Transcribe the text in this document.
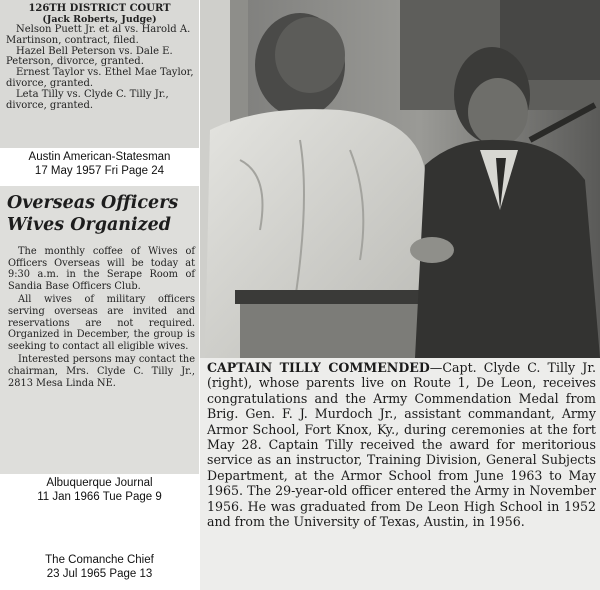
126TH DISTRICT COURT
(Jack Roberts, Judge)
Nelson Puett Jr. et al vs. Harold A. Martinson, contract, filed.
Hazel Bell Peterson vs. Dale E. Peterson, divorce, granted.
Ernest Taylor vs. Ethel Mae Taylor, divorce, granted.
Leta Tilly vs. Clyde C. Tilly Jr., divorce, granted.
Austin American-Statesman
17 May 1957 Fri Page 24
Overseas Officers
Wives Organized
The monthly coffee of Wives of Officers Overseas will be today at 9:30 a.m. in the Serape Room of Sandia Base Officers Club.
All wives of military officers serving overseas are invited and reservations are not required. Organized in December, the group is seeking to contact all eligible wives.
Interested persons may contact the chairman, Mrs. Clyde C. Tilly Jr., 2813 Mesa Linda NE.
Albuquerque Journal
11 Jan 1966 Tue Page 9
The Comanche Chief
23 Jul 1965 Page 13
CAPTAIN TILLY COMMENDED—Capt. Clyde C. Tilly Jr. (right), whose parents live on Route 1, De Leon, receives congratulations and the Army Commendation Medal from Brig. Gen. F. J. Murdoch Jr., assistant commandant, Army Armor School, Fort Knox, Ky., during ceremonies at the fort May 28. Captain Tilly received the award for meritorious service as an instructor, Training Division, General Subjects Department, at the Armor School from June 1963 to May 1965. The 29-year-old officer entered the Army in November 1956. He was graduated from De Leon High School in 1952 and from the University of Texas, Austin, in 1956.
